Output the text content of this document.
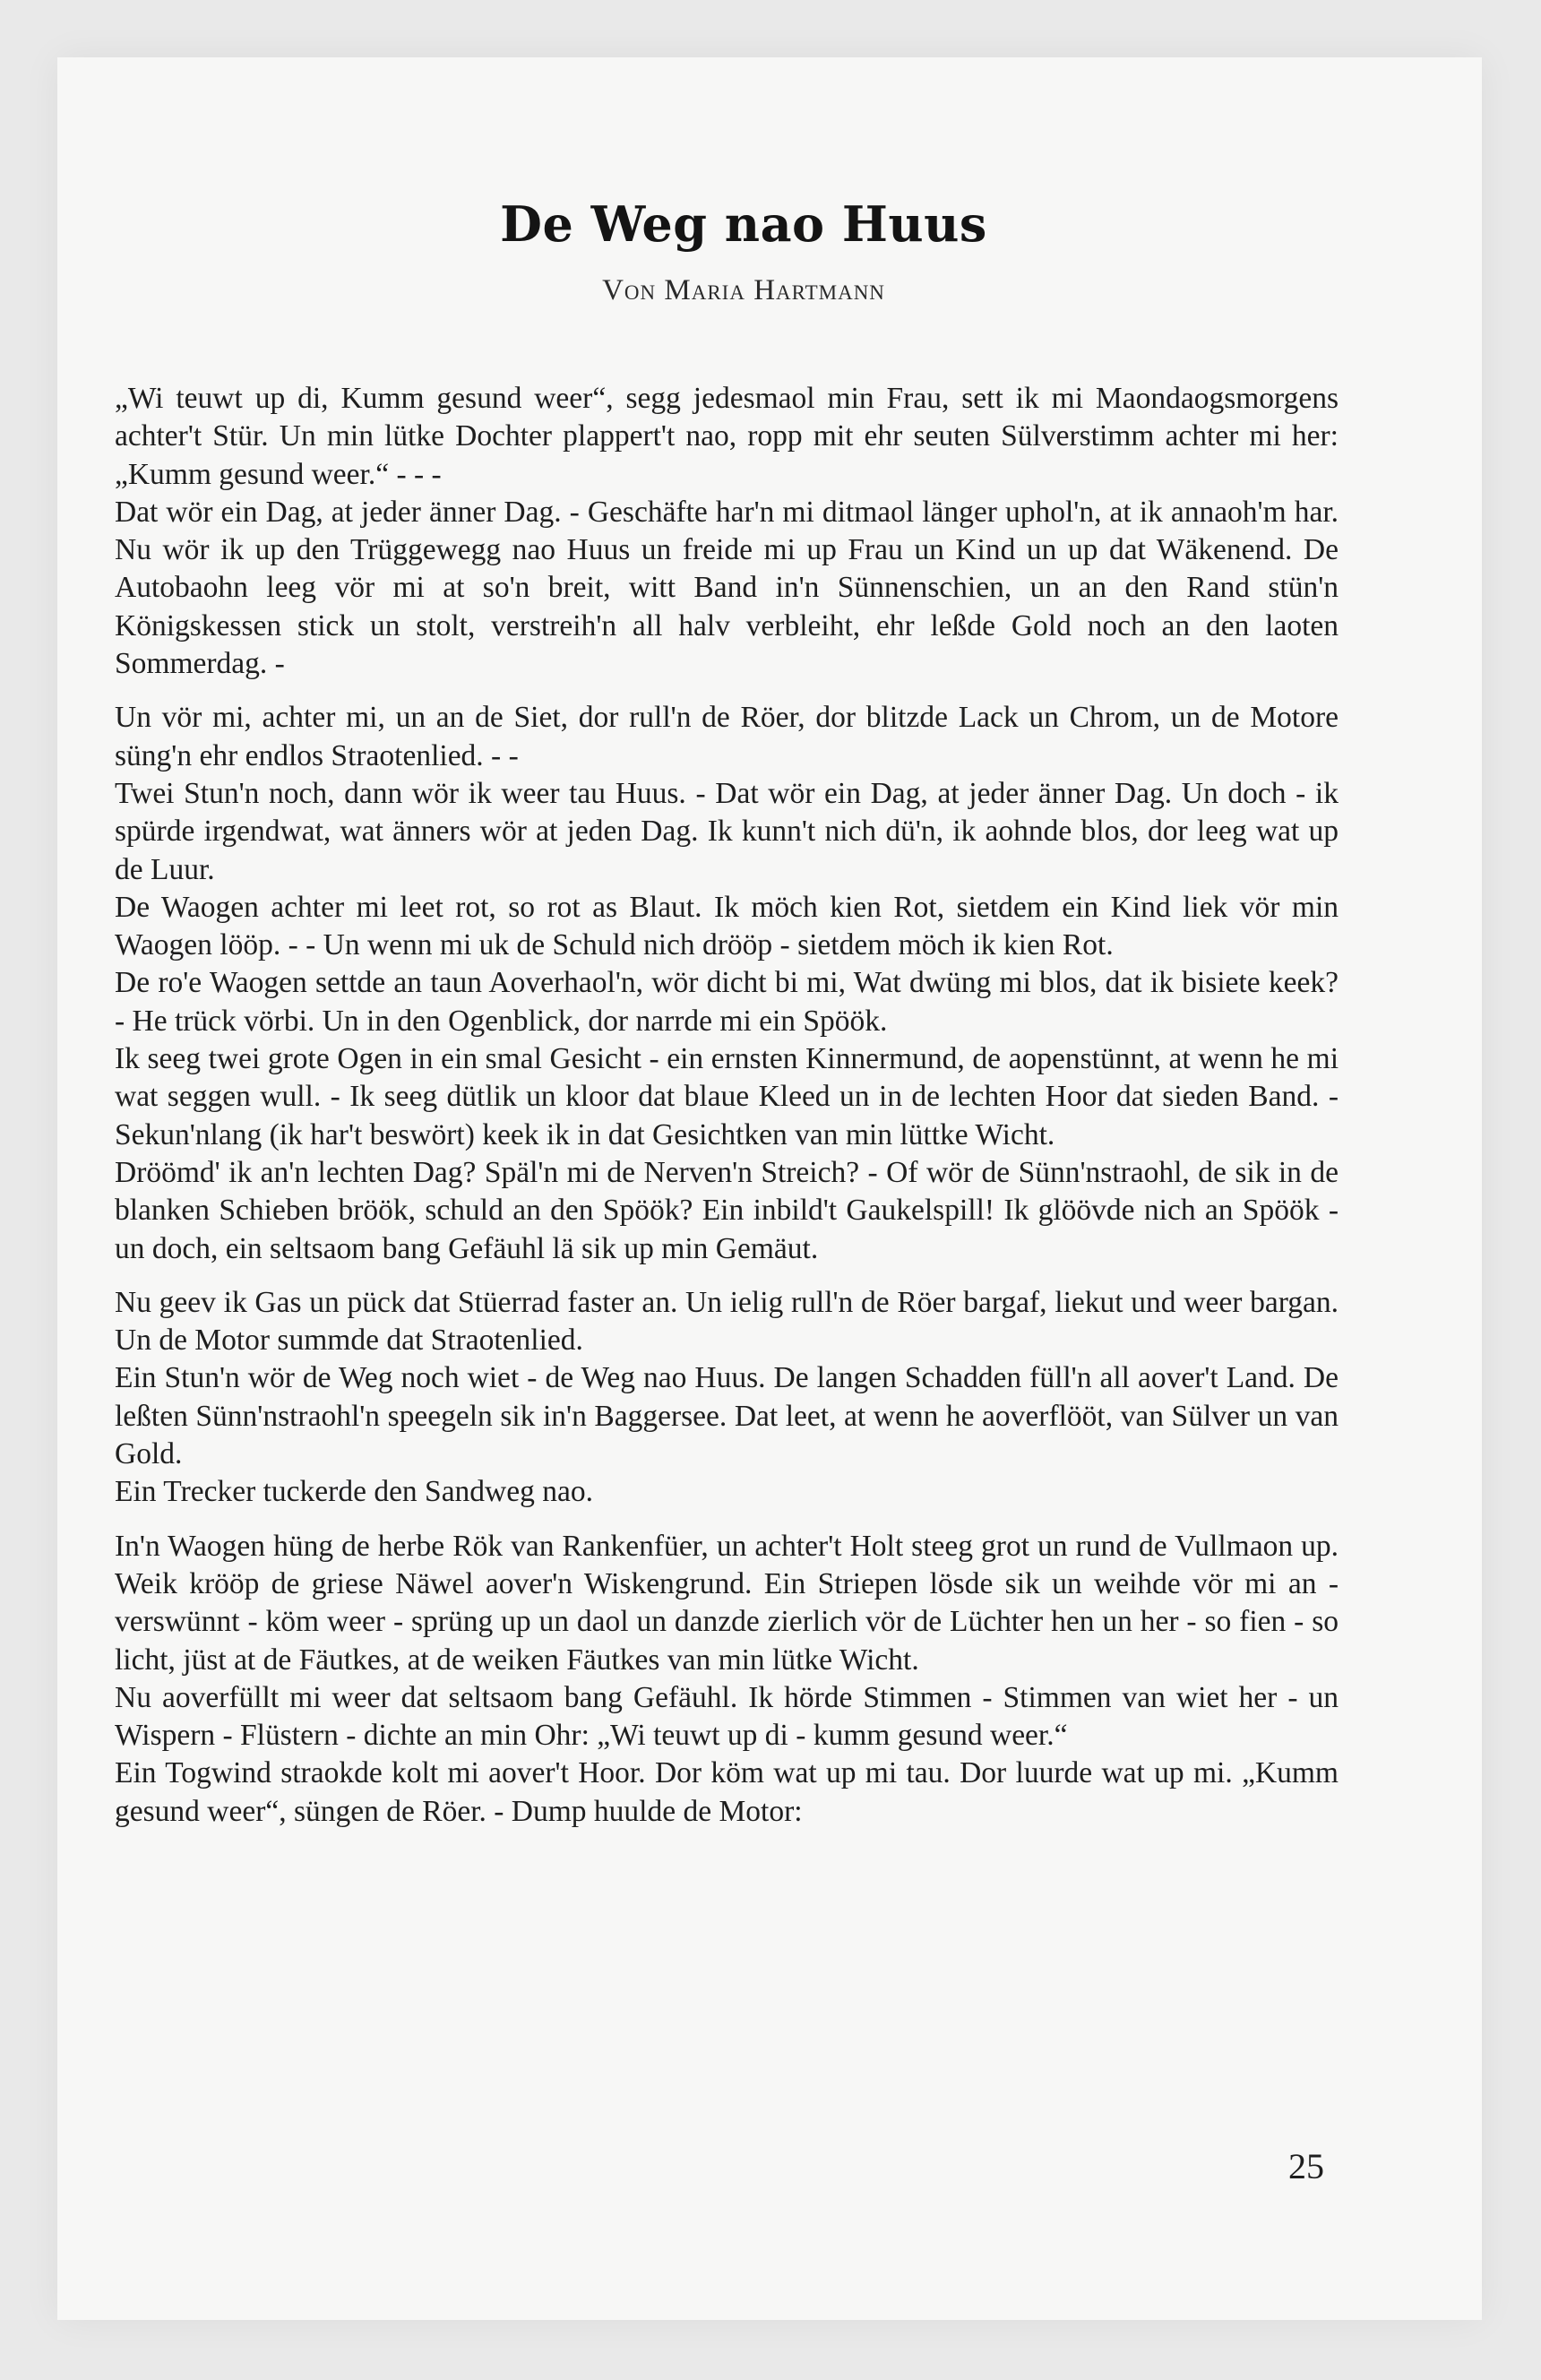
De Weg nao Huus
Von Maria Hartmann

„Wi teuwt up di, Kumm gesund weer“, segg jedesmaol min Frau, sett ik mi Maondaogsmorgens achter't Stür. Un min lütke Dochter plappert't nao, ropp mit ehr seuten Sülverstimm achter mi her: „Kumm gesund weer.“ - - -

Dat wör ein Dag, at jeder änner Dag. - Geschäfte har'n mi ditmaol länger uphol'n, at ik annaoh'm har. Nu wör ik up den Trüggewegg nao Huus un freide mi up Frau un Kind un up dat Wäkenend. De Autobaohn leeg vör mi at so'n breit, witt Band in'n Sünnenschien, un an den Rand stün'n Königskessen stick un stolt, verstreih'n all halv verbleiht, ehr leßde Gold noch an den laoten Sommerdag. -

Un vör mi, achter mi, un an de Siet, dor rull'n de Röer, dor blitzde Lack un Chrom, un de Motore süng'n ehr endlos Straotenlied. - -

Twei Stun'n noch, dann wör ik weer tau Huus. - Dat wör ein Dag, at jeder änner Dag. Un doch - ik spürde irgendwat, wat änners wör at jeden Dag. Ik kunn't nich dü'n, ik aohnde blos, dor leeg wat up de Luur.

De Waogen achter mi leet rot, so rot as Blaut. Ik möch kien Rot, sietdem ein Kind liek vör min Waogen lööp. - - Un wenn mi uk de Schuld nich drööp - sietdem möch ik kien Rot.

De ro'e Waogen settde an taun Aoverhaol'n, wör dicht bi mi, Wat dwüng mi blos, dat ik bisiete keek? - He trück vörbi. Un in den Ogenblick, dor narrde mi ein Spöök.

Ik seeg twei grote Ogen in ein smal Gesicht - ein ernsten Kinnermund, de aopenstünnt, at wenn he mi wat seggen wull. - Ik seeg dütlik un kloor dat blaue Kleed un in de lechten Hoor dat sieden Band. - Sekun'nlang (ik har't beswört) keek ik in dat Gesichtken van min lüttke Wicht.

Dröömd' ik an'n lechten Dag? Späl'n mi de Nerven'n Streich? - Of wör de Sünn'nstraohl, de sik in de blanken Schieben bröök, schuld an den Spöök? Ein inbild't Gaukelspill! Ik glöövde nich an Spöök - un doch, ein seltsaom bang Gefäuhl lä sik up min Gemäut.

Nu geev ik Gas un pück dat Stüerrad faster an. Un ielig rull'n de Röer bargaf, liekut und weer bargan. Un de Motor summde dat Straotenlied.

Ein Stun'n wör de Weg noch wiet - de Weg nao Huus. De langen Schadden füll'n all aover't Land. De leßten Sünn'nstraohl'n speegeln sik in'n Baggersee. Dat leet, at wenn he aoverflööt, van Sülver un van Gold.

Ein Trecker tuckerde den Sandweg nao.

In'n Waogen hüng de herbe Rök van Rankenfüer, un achter't Holt steeg grot un rund de Vullmaon up. Weik krööp de griese Näwel aover'n Wiskengrund. Ein Striepen lösde sik un weihde vör mi an - verswünnt - köm weer - sprüng up un daol un danzde zierlich vör de Lüchter hen un her - so fien - so licht, jüst at de Fäutkes, at de weiken Fäutkes van min lütke Wicht.

Nu aoverfüllt mi weer dat seltsaom bang Gefäuhl. Ik hörde Stimmen - Stimmen van wiet her - un Wispern - Flüstern - dichte an min Ohr: „Wi teuwt up di - kumm gesund weer.“

Ein Togwind straokde kolt mi aover't Hoor. Dor köm wat up mi tau. Dor luurde wat up mi. „Kumm gesund weer“, süngen de Röer. - Dump huulde de Motor:

25
